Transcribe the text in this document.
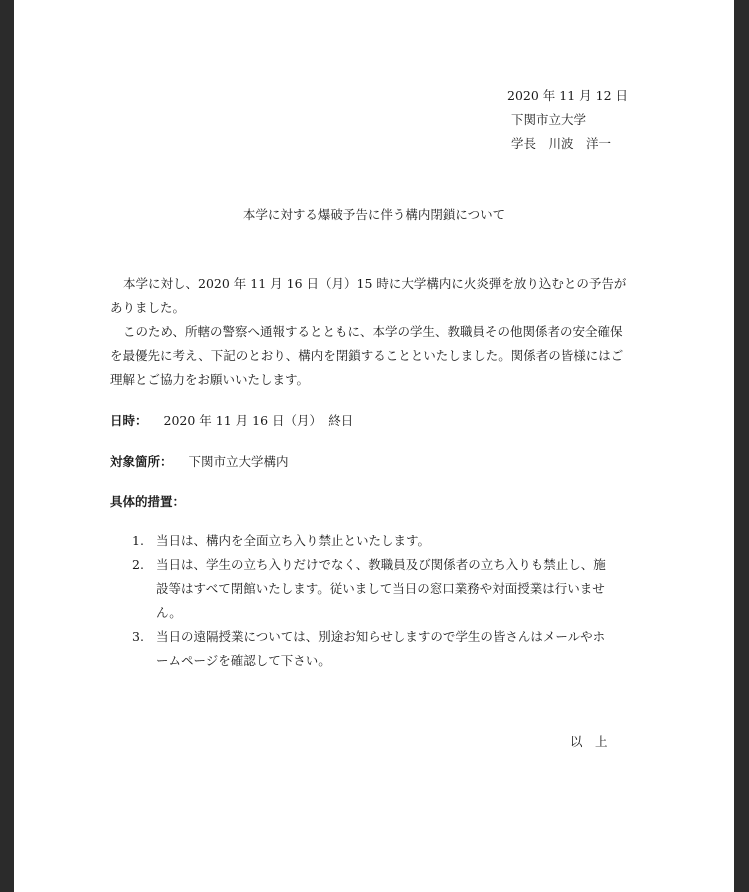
2020 年 11 月 12 日
下関市立大学
学長　川波　洋一
本学に対する爆破予告に伴う構内閉鎖について

本学に対し、2020 年 11 月 16 日（月）15 時に大学構内に火炎弾を放り込むとの予告がありました。

このため、所轄の警察へ通報するとともに、本学の学生、教職員その他関係者の安全確保を最優先に考え、下記のとおり、構内を閉鎖することといたしました。関係者の皆様にはご理解とご協力をお願いいたします。

日時： 2020 年 11 月 16 日（月）　終日
対象箇所： 下関市立大学構内
具体的措置：
1. 当日は、構内を全面立ち入り禁止といたします。
2. 当日は、学生の立ち入りだけでなく、教職員及び関係者の立ち入りも禁止し、施設等はすべて閉館いたします。従いまして当日の窓口業務や対面授業は行いません。
3. 当日の遠隔授業については、別途お知らせしますので学生の皆さんはメールやホームページを確認して下さい。
以　上
